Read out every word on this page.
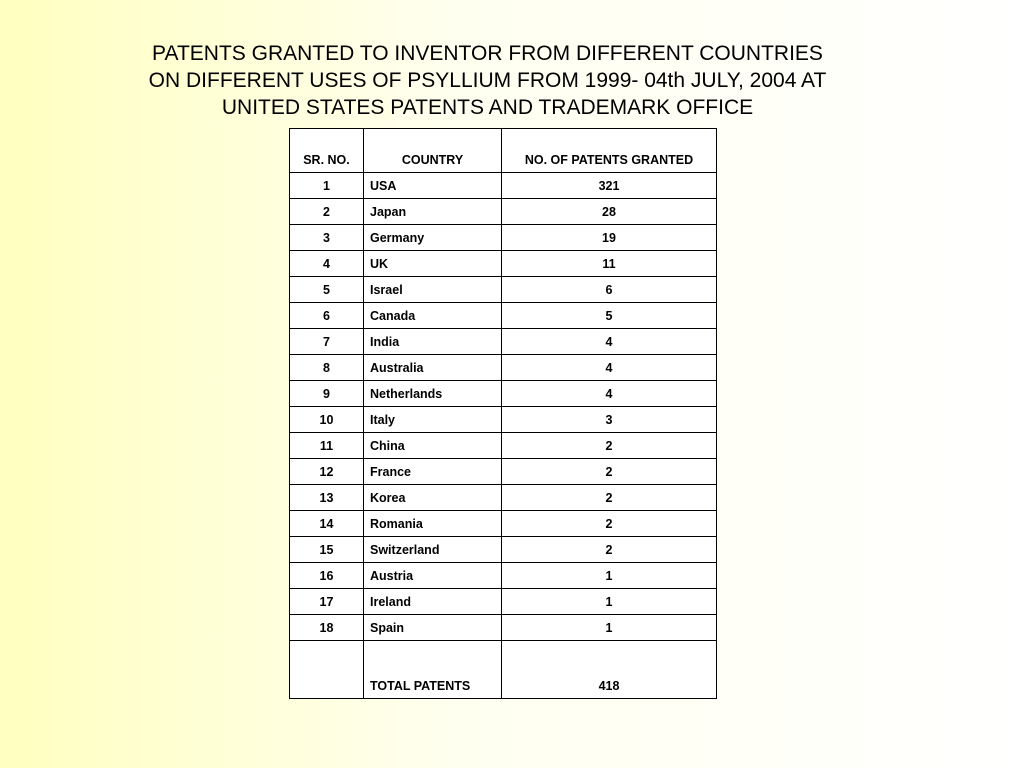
PATENTS GRANTED TO INVENTOR FROM DIFFERENT COUNTRIES
ON DIFFERENT USES OF PSYLLIUM FROM 1999- 04th JULY, 2004 AT
UNITED STATES PATENTS AND TRADEMARK OFFICE
SR. NO.	COUNTRY	NO. OF PATENTS GRANTED
1	USA	321
2	Japan	28
3	Germany	19
4	UK	11
5	Israel	6
6	Canada	5
7	India	4
8	Australia	4
9	Netherlands	4
10	Italy	3
11	China	2
12	France	2
13	Korea	2
14	Romania	2
15	Switzerland	2
16	Austria	1
17	Ireland	1
18	Spain	1
	TOTAL PATENTS	418
